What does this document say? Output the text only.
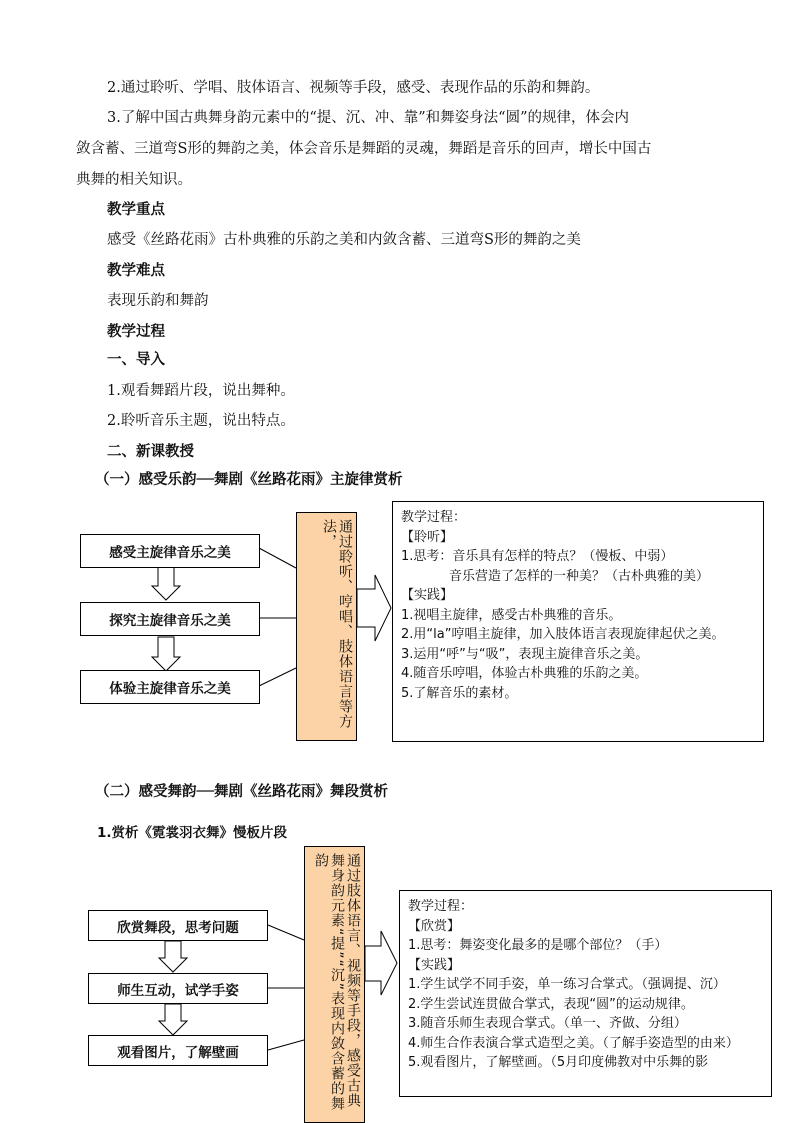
2.通过聆听、学唱、肢体语言、视频等手段，感受、表现作品的乐韵和舞韵。
3.了解中国古典舞身韵元素中的“提、沉、冲、靠”和舞姿身法“圆”的规律，体会内
敛含蓄、三道弯S形的舞韵之美，体会音乐是舞蹈的灵魂，舞蹈是音乐的回声，增长中国古
典舞的相关知识。
教学重点
感受《丝路花雨》古朴典雅的乐韵之美和内敛含蓄、三道弯S形的舞韵之美
教学难点
表现乐韵和舞韵
教学过程
一、导入
1.观看舞蹈片段，说出舞种。
2.聆听音乐主题，说出特点。
二、新课教授
（一）感受乐韵──舞剧《丝路花雨》主旋律赏析
感受主旋律音乐之美
探究主旋律音乐之美
体验主旋律音乐之美	通过聆听、哼唱、肢体语言等方法，
教学过程：
【聆听】
1.思考：音乐具有怎样的特点？（慢板、中弱）
音乐营造了怎样的一种美？（古朴典雅的美）
【实践】
1.视唱主旋律，感受古朴典雅的音乐。
2.用“la”哼唱主旋律，加入肢体语言表现旋律起伏之美。
3.运用“呼”与“吸”，表现主旋律音乐之美。
4.随音乐哼唱，体验古朴典雅的乐韵之美。
5.了解音乐的素材。
（二）感受舞韵──舞剧《丝路花雨》舞段赏析
1.赏析《霓裳羽衣舞》慢板片段
欣赏舞段，思考问题
师生互动，试学手姿
观看图片，了解壁画	通过肢体语言、视频等手段，感受古典舞身韵元素“提”“沉”表现内敛含蓄的舞韵
教学过程：
【欣赏】
1.思考：舞姿变化最多的是哪个部位？（手）
【实践】
1.学生试学不同手姿，单一练习合掌式。（强调提、沉）
2.学生尝试连贯做合掌式，表现“圆”的运动规律。
3.随音乐师生表现合掌式。（单一、齐做、分组）
4.师生合作表演合掌式造型之美。（了解手姿造型的由来）
5.观看图片，了解壁画。（5月印度佛教对中乐舞的影
